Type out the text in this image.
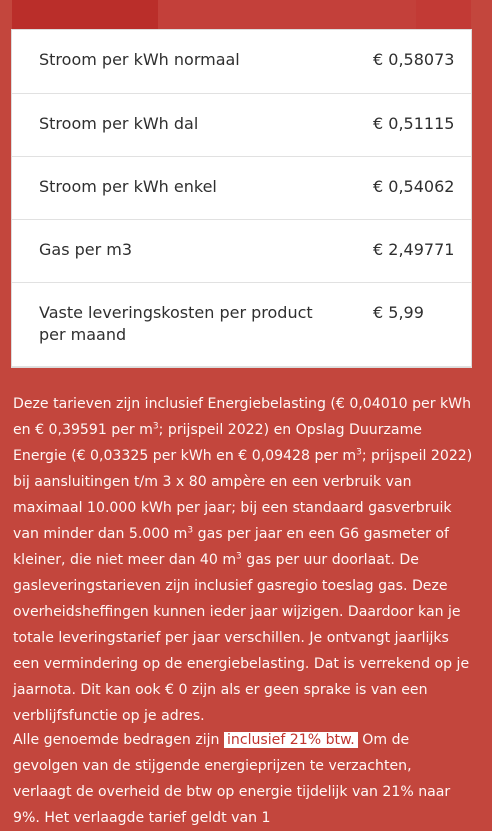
Stroom per kWh normaal	€ 0,58073
Stroom per kWh dal	€ 0,51115
Stroom per kWh enkel	€ 0,54062
Gas per m3	€ 2,49771
Vaste leveringskosten per product per maand	€ 5,99
Deze tarieven zijn inclusief Energiebelasting (€ 0,04010 per kWh en € 0,39591 per $m^3$; prijspeil 2022) en Opslag Duurzame Energie (€ 0,03325 per kWh en € 0,09428 per $m^3$; prijspeil 2022) bij aansluitingen t/m 3 x 80 ampère en een verbruik van maximaal 10.000 kWh per jaar; bij een standaard gasverbruik van minder dan 5.000 $m^3$ gas per jaar en een G6 gasmeter of kleiner, die niet meer dan 40 $m^3$ gas per uur doorlaat. De gasleveringstarieven zijn inclusief gasregio toeslag gas. Deze overheidsheffingen kunnen ieder jaar wijzigen. Daardoor kan je totale leveringstarief per jaar verschillen. Je ontvangt jaarlijks een vermindering op de energiebelasting. Dat is verrekend op je jaarnota. Dit kan ook € 0 zijn als er geen sprake is van een verblijfsfunctie op je adres.
Alle genoemde bedragen zijn inclusief 21% btw. Om de gevolgen van de stijgende energieprijzen te verzachten, verlaagt de overheid de btw op energie tijdelijk van 21% naar 9%. Het verlaagde tarief geldt van 1
